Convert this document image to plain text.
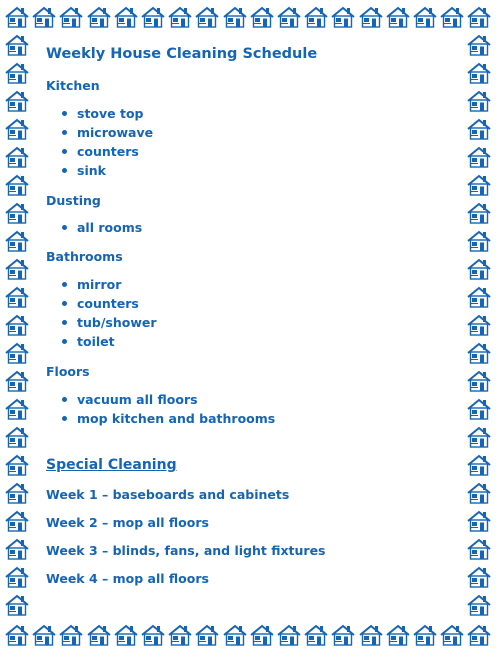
Weekly House Cleaning Schedule
Kitchen
stove top
microwave
counters
sink
Dusting
all rooms
Bathrooms
mirror
counters
tub/shower
toilet
Floors
vacuum all floors
mop kitchen and bathrooms
Special Cleaning
Week 1 – baseboards and cabinets
Week 2 – mop all floors
Week 3 – blinds, fans, and light fixtures
Week 4 – mop all floors
